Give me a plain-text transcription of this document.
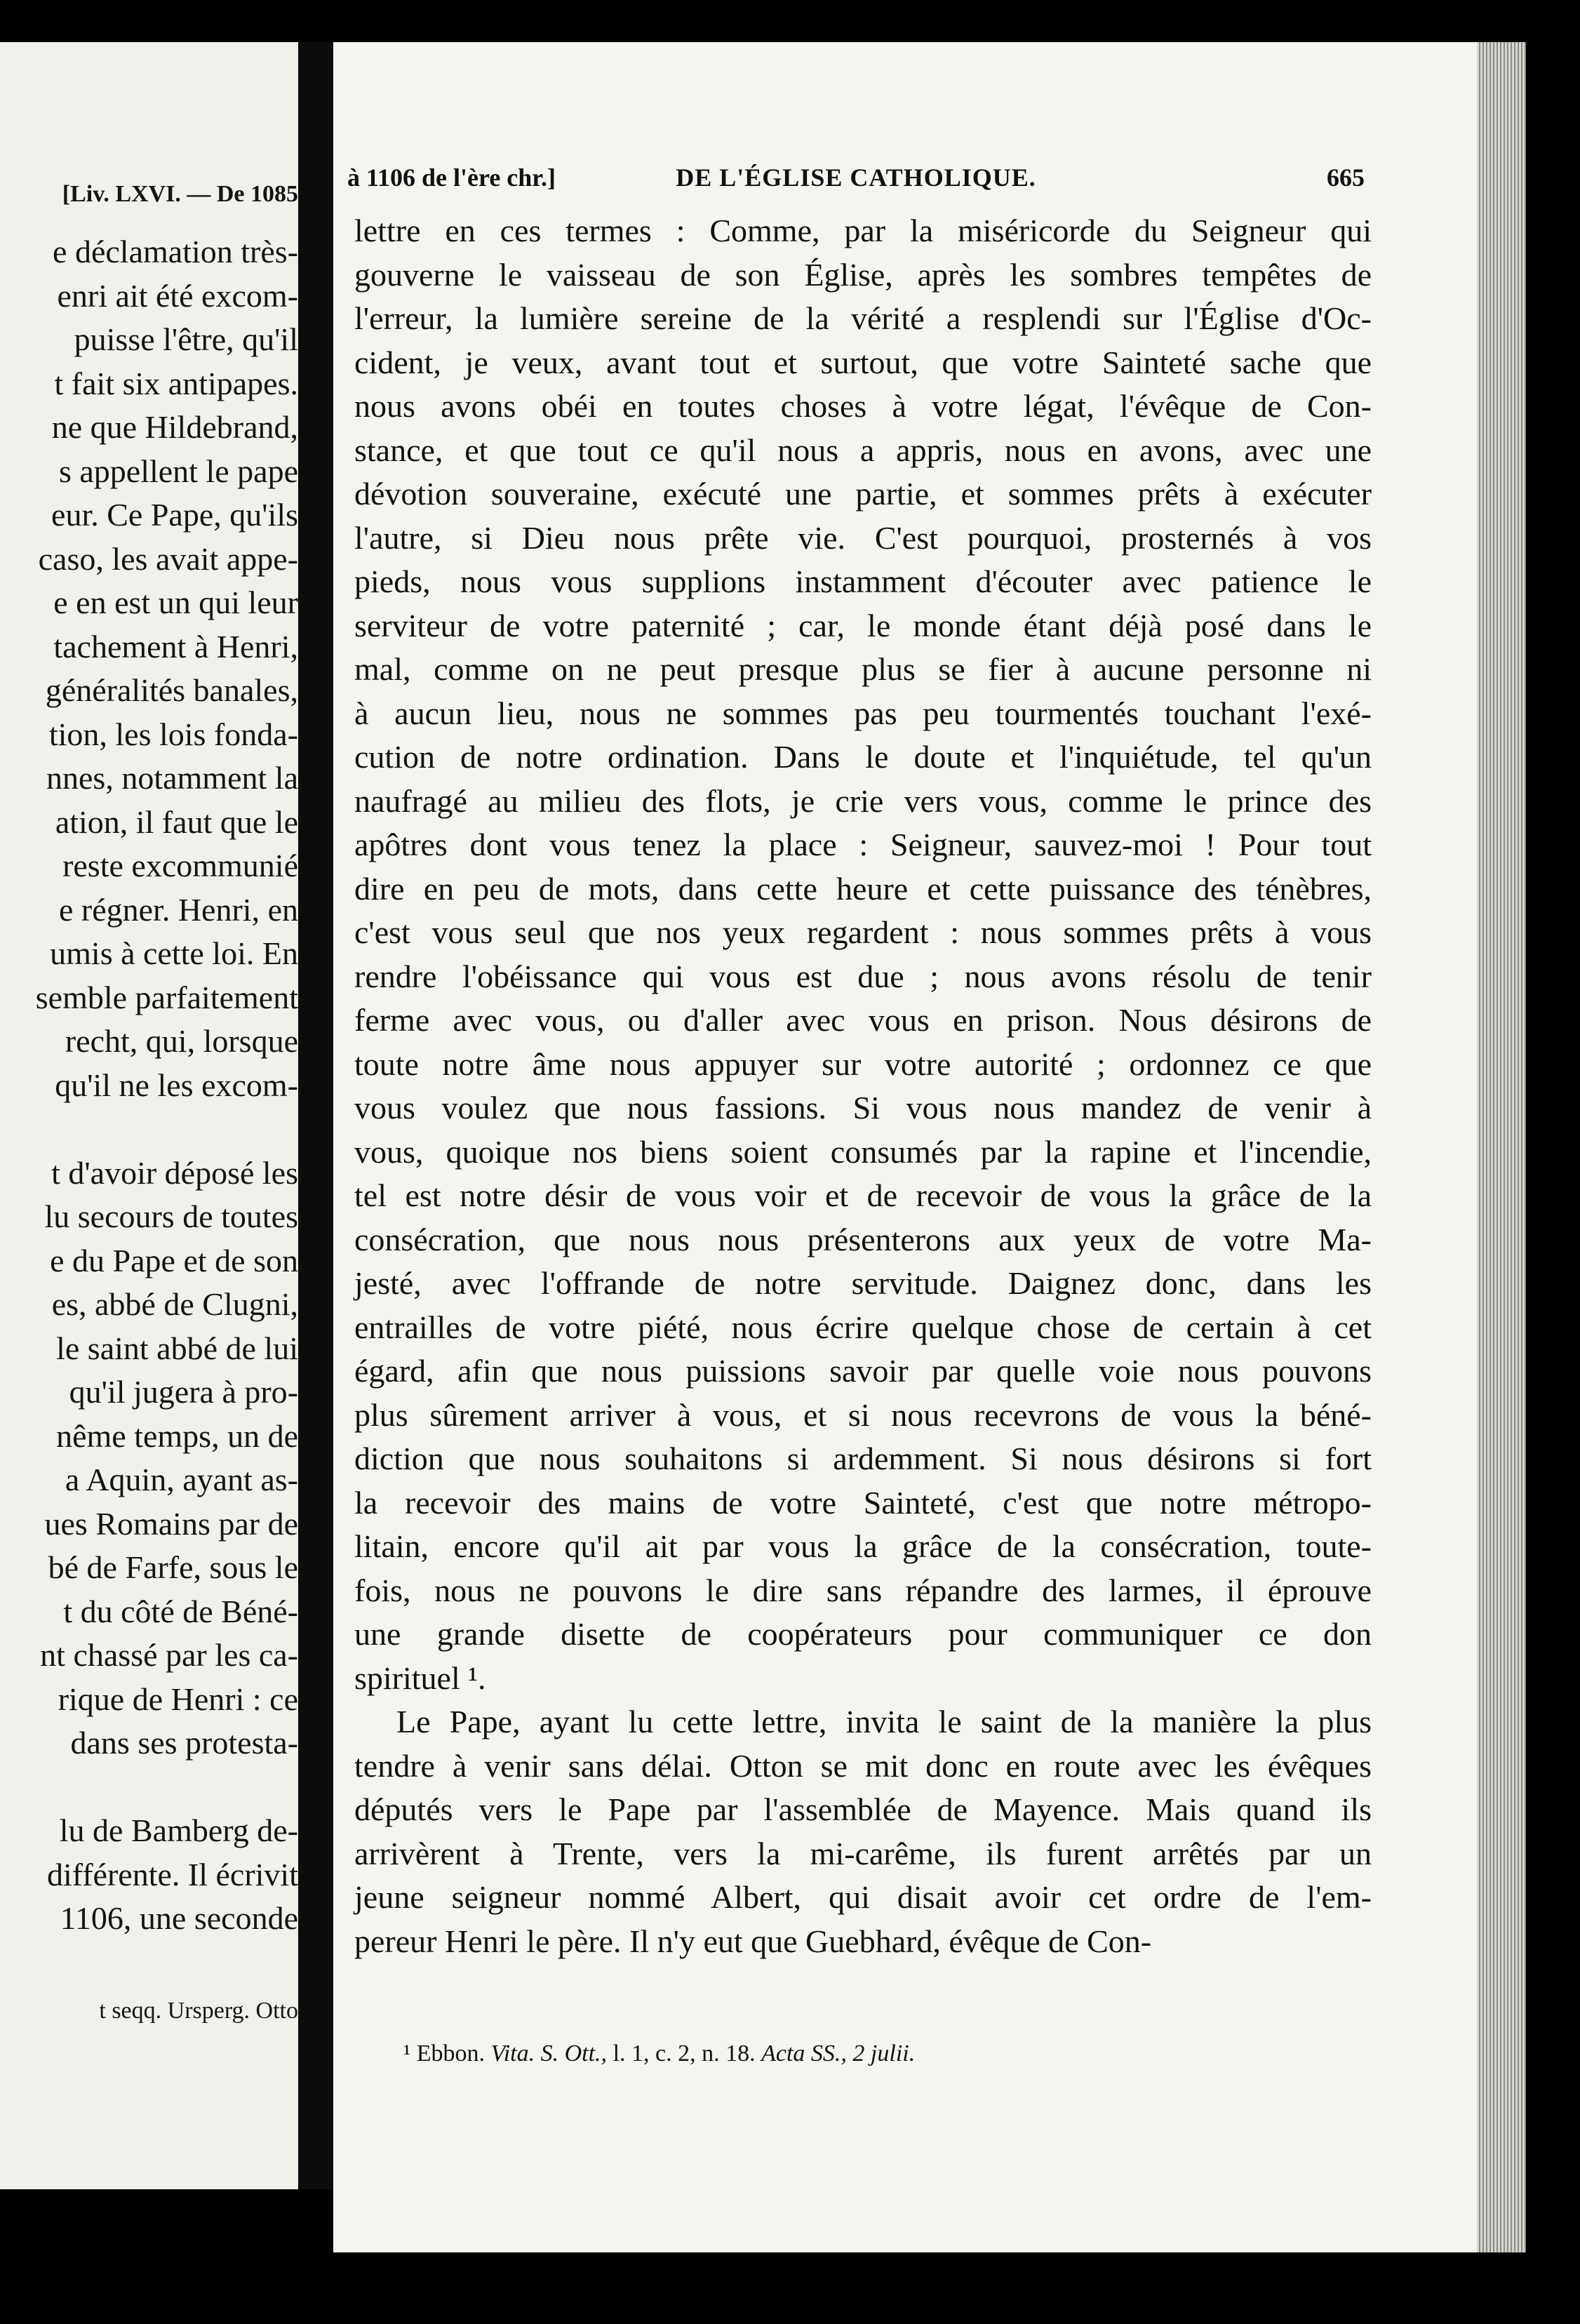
[Liv. LXVI. — De 1085
e déclamation très-
enri ait été excom-
puisse l'être, qu'il
t fait six antipapes.
ne que Hildebrand,
s appellent le pape
eur. Ce Pape, qu'ils
caso, les avait appe-
e en est un qui leur
tachement à Henri,
généralités banales,
tion, les lois fonda-
nnes, notamment la
ation, il faut que le
reste excommunié
e régner. Henri, en
umis à cette loi. En
semble parfaitement
recht, qui, lorsque
qu'il ne les excom-
t d'avoir déposé les
lu secours de toutes
e du Pape et de son
es, abbé de Clugni,
le saint abbé de lui
qu'il jugera à pro-
nême temps, un de
a Aquin, ayant as-
ues Romains par de
bé de Farfe, sous le
t du côté de Béné-
nt chassé par les ca-
rique de Henri : ce
dans ses protesta-
lu de Bamberg de-
différente. Il écrivit
1106, une seconde
t seqq. Ursperg. Otto
à 1106 de l'ère chr.]	DE L'ÉGLISE CATHOLIQUE.	665
lettre en ces termes : Comme, par la miséricorde du Seigneur qui
gouverne le vaisseau de son Église, après les sombres tempêtes de
l'erreur, la lumière sereine de la vérité a resplendi sur l'Église d'Oc-
cident, je veux, avant tout et surtout, que votre Sainteté sache que
nous avons obéi en toutes choses à votre légat, l'évêque de Con-
stance, et que tout ce qu'il nous a appris, nous en avons, avec une
dévotion souveraine, exécuté une partie, et sommes prêts à exécuter
l'autre, si Dieu nous prête vie. C'est pourquoi, prosternés à vos
pieds, nous vous supplions instamment d'écouter avec patience le
serviteur de votre paternité ; car, le monde étant déjà posé dans le
mal, comme on ne peut presque plus se fier à aucune personne ni
à aucun lieu, nous ne sommes pas peu tourmentés touchant l'exé-
cution de notre ordination. Dans le doute et l'inquiétude, tel qu'un
naufragé au milieu des flots, je crie vers vous, comme le prince des
apôtres dont vous tenez la place : Seigneur, sauvez-moi ! Pour tout
dire en peu de mots, dans cette heure et cette puissance des ténèbres,
c'est vous seul que nos yeux regardent : nous sommes prêts à vous
rendre l'obéissance qui vous est due ; nous avons résolu de tenir
ferme avec vous, ou d'aller avec vous en prison. Nous désirons de
toute notre âme nous appuyer sur votre autorité ; ordonnez ce que
vous voulez que nous fassions. Si vous nous mandez de venir à
vous, quoique nos biens soient consumés par la rapine et l'incendie,
tel est notre désir de vous voir et de recevoir de vous la grâce de la
consécration, que nous nous présenterons aux yeux de votre Ma-
jesté, avec l'offrande de notre servitude. Daignez donc, dans les
entrailles de votre piété, nous écrire quelque chose de certain à cet
égard, afin que nous puissions savoir par quelle voie nous pouvons
plus sûrement arriver à vous, et si nous recevrons de vous la béné-
diction que nous souhaitons si ardemment. Si nous désirons si fort
la recevoir des mains de votre Sainteté, c'est que notre métropo-
litain, encore qu'il ait par vous la grâce de la consécration, toute-
fois, nous ne pouvons le dire sans répandre des larmes, il éprouve
une grande disette de coopérateurs pour communiquer ce don
spirituel ¹.
Le Pape, ayant lu cette lettre, invita le saint de la manière la plus
tendre à venir sans délai. Otton se mit donc en route avec les évêques
députés vers le Pape par l'assemblée de Mayence. Mais quand ils
arrivèrent à Trente, vers la mi-carême, ils furent arrêtés par un
jeune seigneur nommé Albert, qui disait avoir cet ordre de l'em-
pereur Henri le père. Il n'y eut que Guebhard, évêque de Con-
¹ Ebbon. Vita. S. Ott., l. 1, c. 2, n. 18. Acta SS., 2 julii.
